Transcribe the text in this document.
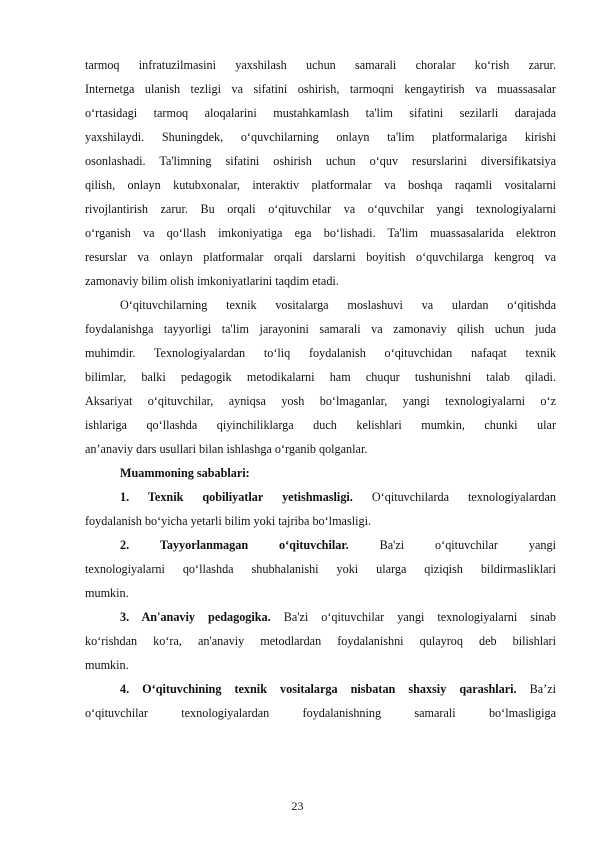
tarmoq infratuzilmasini yaxshilash uchun samarali choralar ko‘rish zarur.
Internetga ulanish tezligi va sifatini oshirish, tarmoqni kengaytirish va muassasalar
o‘rtasidagi tarmoq aloqalarini mustahkamlash ta'lim sifatini sezilarli darajada
yaxshilaydi. Shuningdek, o‘quvchilarning onlayn ta'lim platformalariga kirishi
osonlashadi. Ta'limning sifatini oshirish uchun o‘quv resurslarini diversifikatsiya
qilish, onlayn kutubxonalar, interaktiv platformalar va boshqa raqamli vositalarni
rivojlantirish zarur. Bu orqali o‘qituvchilar va o‘quvchilar yangi texnologiyalarni
o‘rganish va qo‘llash imkoniyatiga ega bo‘lishadi. Ta'lim muassasalarida elektron
resurslar va onlayn platformalar orqali darslarni boyitish o‘quvchilarga kengroq va

zamonaviy bilim olish imkoniyatlarini taqdim etadi.

O‘qituvchilarning texnik vositalarga moslashuvi va ulardan o‘qitishda
foydalanishga tayyorligi ta'lim jarayonini samarali va zamonaviy qilish uchun juda
muhimdir. Texnologiyalardan to‘liq foydalanish o‘qituvchidan nafaqat texnik
bilimlar, balki pedagogik metodikalarni ham chuqur tushunishni talab qiladi.
Aksariyat o‘qituvchilar, ayniqsa yosh bo‘lmaganlar, yangi texnologiyalarni o‘z
ishlariga qo‘llashda qiyinchiliklarga duch kelishlari mumkin, chunki ular

an’anaviy dars usullari bilan ishlashga o‘rganib qolganlar.

Muammoning sabablari:

1. Texnik qobiliyatlar yetishmasligi. O‘qituvchilarda texnologiyalardan

foydalanish bo‘yicha yetarli bilim yoki tajriba bo‘lmasligi.

2. Tayyorlanmagan o‘qituvchilar.	Ba'zi o‘qituvchilar yangi

texnologiyalarni qo‘llashda shubhalanishi yoki ularga qiziqish bildirmasliklari

mumkin.

3. An'anaviy pedagogika. Ba'zi o‘qituvchilar yangi texnologiyalarni sinab

ko‘rishdan ko‘ra, an'anaviy metodlardan foydalanishni qulayroq deb bilishlari

mumkin.

4. O‘qituvchining texnik vositalarga nisbatan shaxsiy qarashlari. Ba’zi

o‘qituvchilar texnologiyalardan foydalanishning samarali bo‘lmasligiga

23
